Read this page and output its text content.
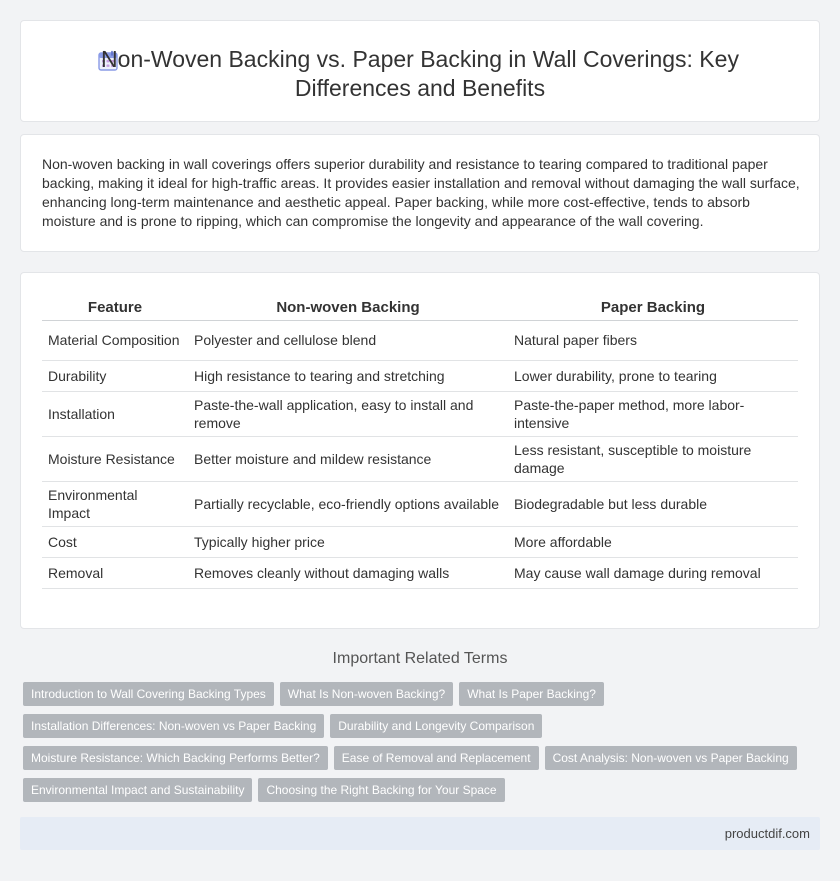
Non-Woven Backing vs. Paper Backing in Wall Coverings: Key Differences and Benefits

Non-woven backing in wall coverings offers superior durability and resistance to tearing compared to traditional paper backing, making it ideal for high-traffic areas. It provides easier installation and removal without damaging the wall surface, enhancing long-term maintenance and aesthetic appeal. Paper backing, while more cost-effective, tends to absorb moisture and is prone to ripping, which can compromise the longevity and appearance of the wall covering.

Feature	Non-woven Backing	Paper Backing
Material Composition	Polyester and cellulose blend	Natural paper fibers
Durability	High resistance to tearing and stretching	Lower durability, prone to tearing
Installation	Paste-the-wall application, easy to install and remove	Paste-the-paper method, more labor-intensive
Moisture Resistance	Better moisture and mildew resistance	Less resistant, susceptible to moisture damage
Environmental Impact	Partially recyclable, eco-friendly options available	Biodegradable but less durable
Cost	Typically higher price	More affordable
Removal	Removes cleanly without damaging walls	May cause wall damage during removal
Important Related Terms
Introduction to Wall Covering Backing Types	What Is Non-woven Backing?	What Is Paper Backing?
Installation Differences: Non-woven vs Paper Backing	Durability and Longevity Comparison
Moisture Resistance: Which Backing Performs Better?	Ease of Removal and Replacement	Cost Analysis: Non-woven vs Paper Backing
Environmental Impact and Sustainability	Choosing the Right Backing for Your Space
productdif.com
